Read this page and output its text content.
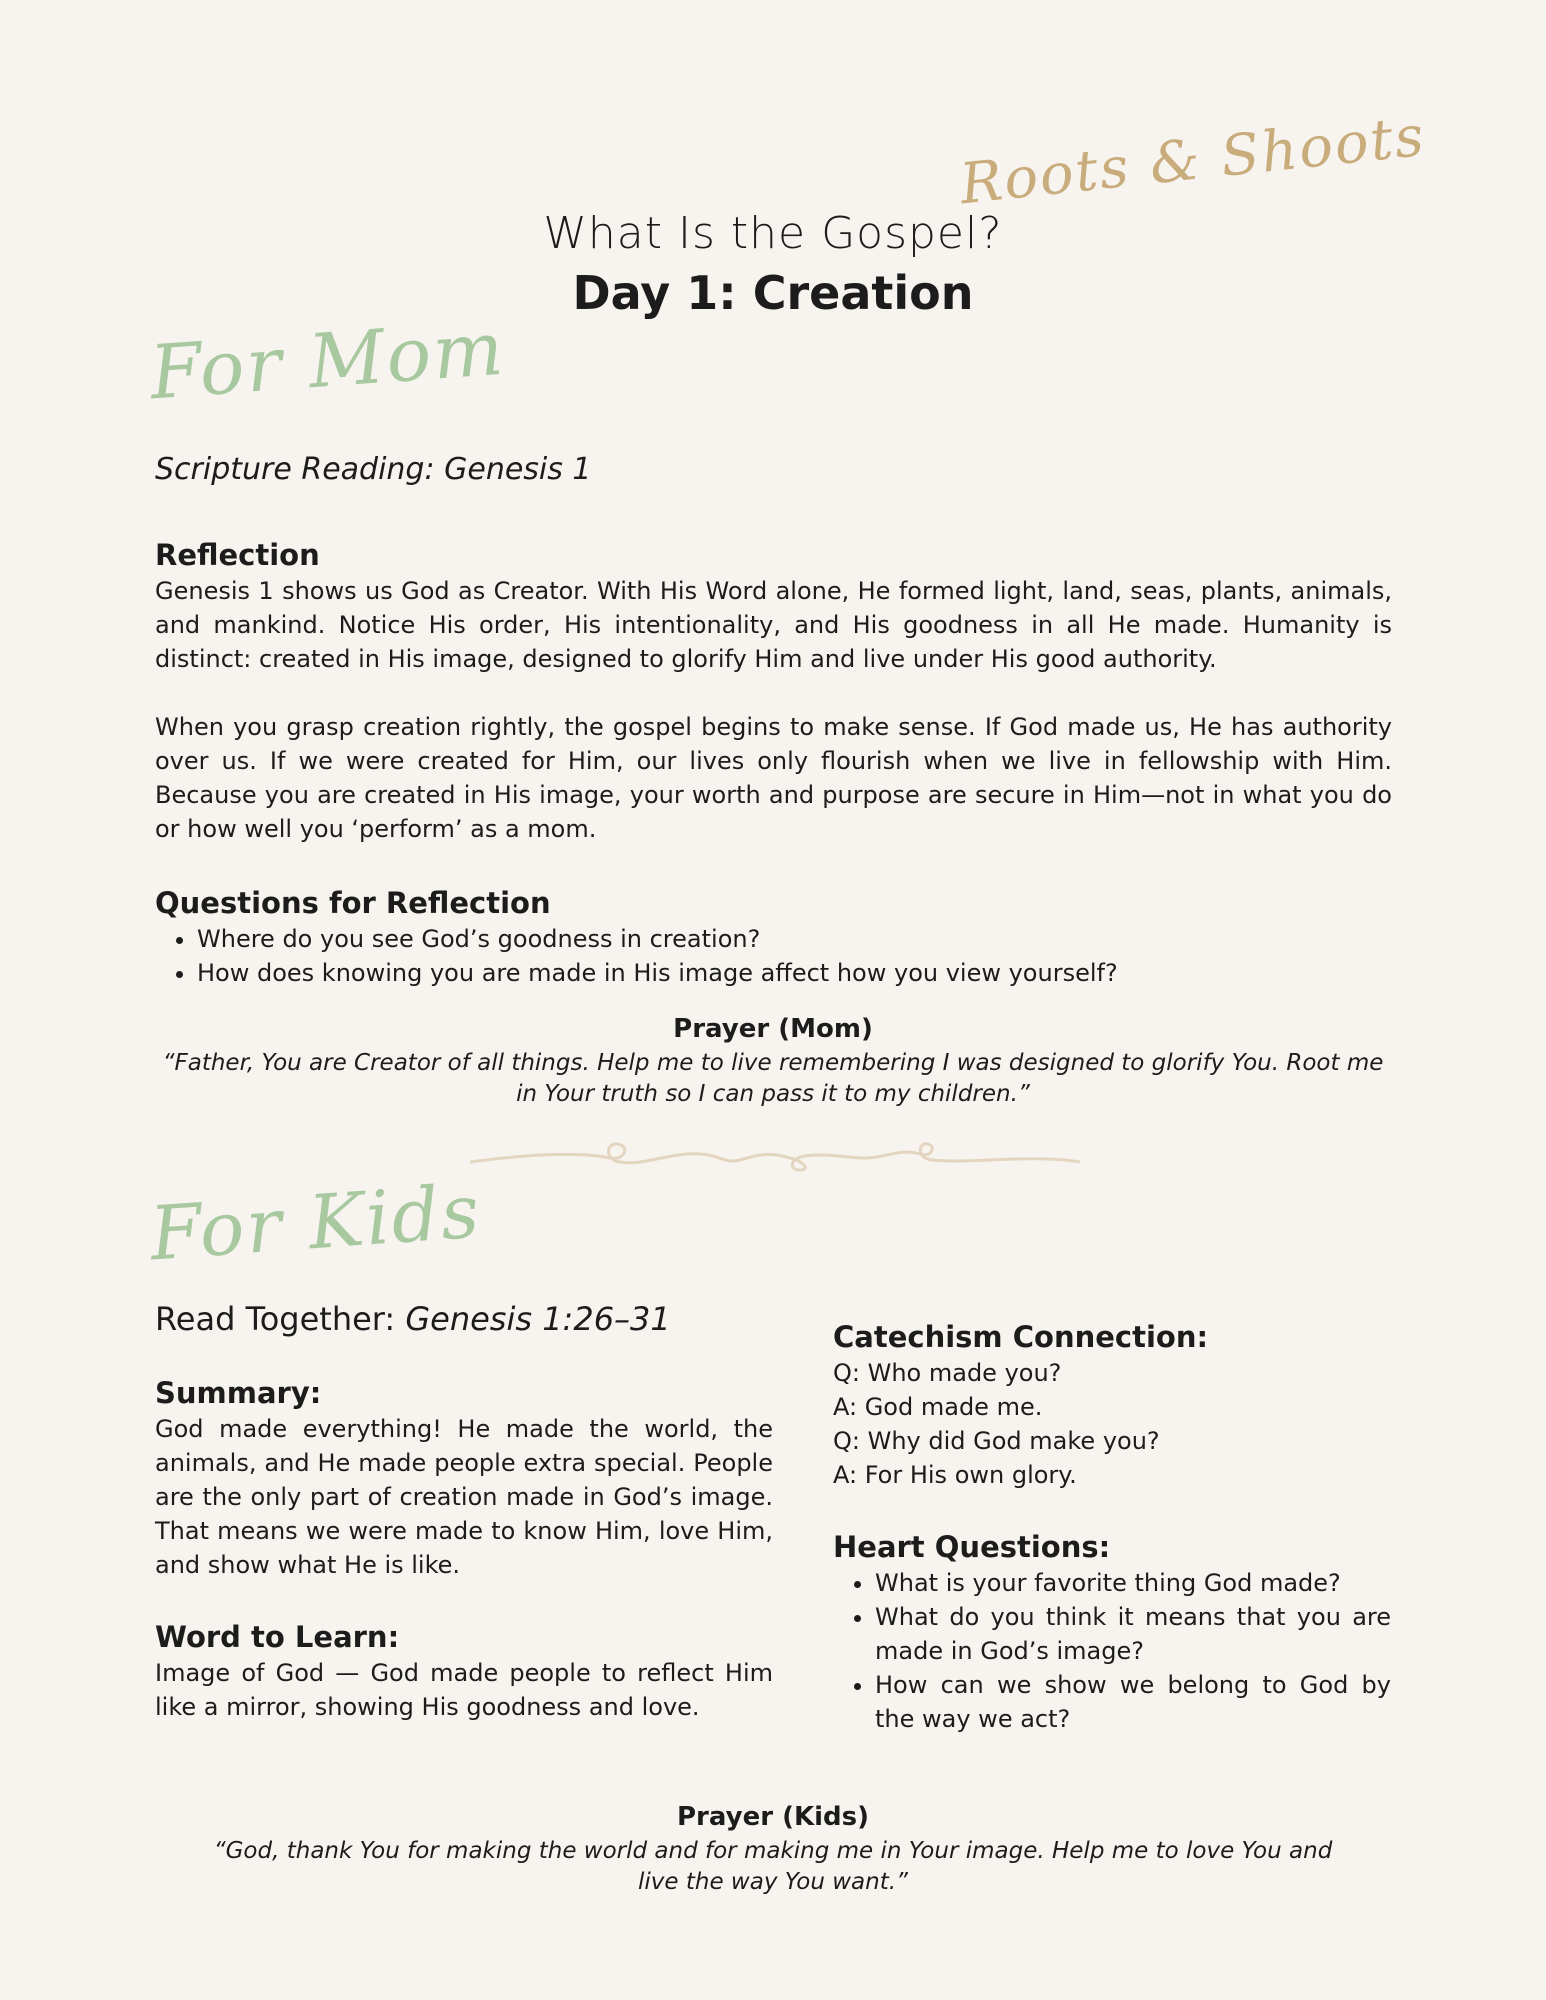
Roots & Shoots
What Is the Gospel?
Day 1: Creation
For Mom
Scripture Reading: Genesis 1
Reflection

Genesis 1 shows us God as Creator. With His Word alone, He formed light, land, seas, plants, animals, and mankind. Notice His order, His intentionality, and His goodness in all He made. Humanity is distinct: created in His image, designed to glorify Him and live under His good authority.

When you grasp creation rightly, the gospel begins to make sense. If God made us, He has authority over us. If we were created for Him, our lives only flourish when we live in fellowship with Him. Because you are created in His image, your worth and purpose are secure in Him—not in what you do or how well you ‘perform’ as a mom.

Questions for Reflection
• Where do you see God’s goodness in creation?
• How does knowing you are made in His image affect how you view yourself?
Prayer (Mom)
“Father, You are Creator of all things. Help me to live remembering I was designed to glorify You. Root me in Your truth so I can pass it to my children.”
For Kids

Read Together: Genesis 1:26–31

Summary:

God made everything! He made the world, the animals, and He made people extra special. People are the only part of creation made in God’s image. That means we were made to know Him, love Him, and show what He is like.

Word to Learn:

Image of God — God made people to reflect Him like a mirror, showing His goodness and love.

Catechism Connection:

Q: Who made you?

A: God made me.

Q: Why did God make you?

A: For His own glory.

Heart Questions:
• What is your favorite thing God made?
• What do you think it means that you are made in God’s image?
• How can we show we belong to God by the way we act?
Prayer (Kids)
“God, thank You for making the world and for making me in Your image. Help me to love You and live the way You want.”
